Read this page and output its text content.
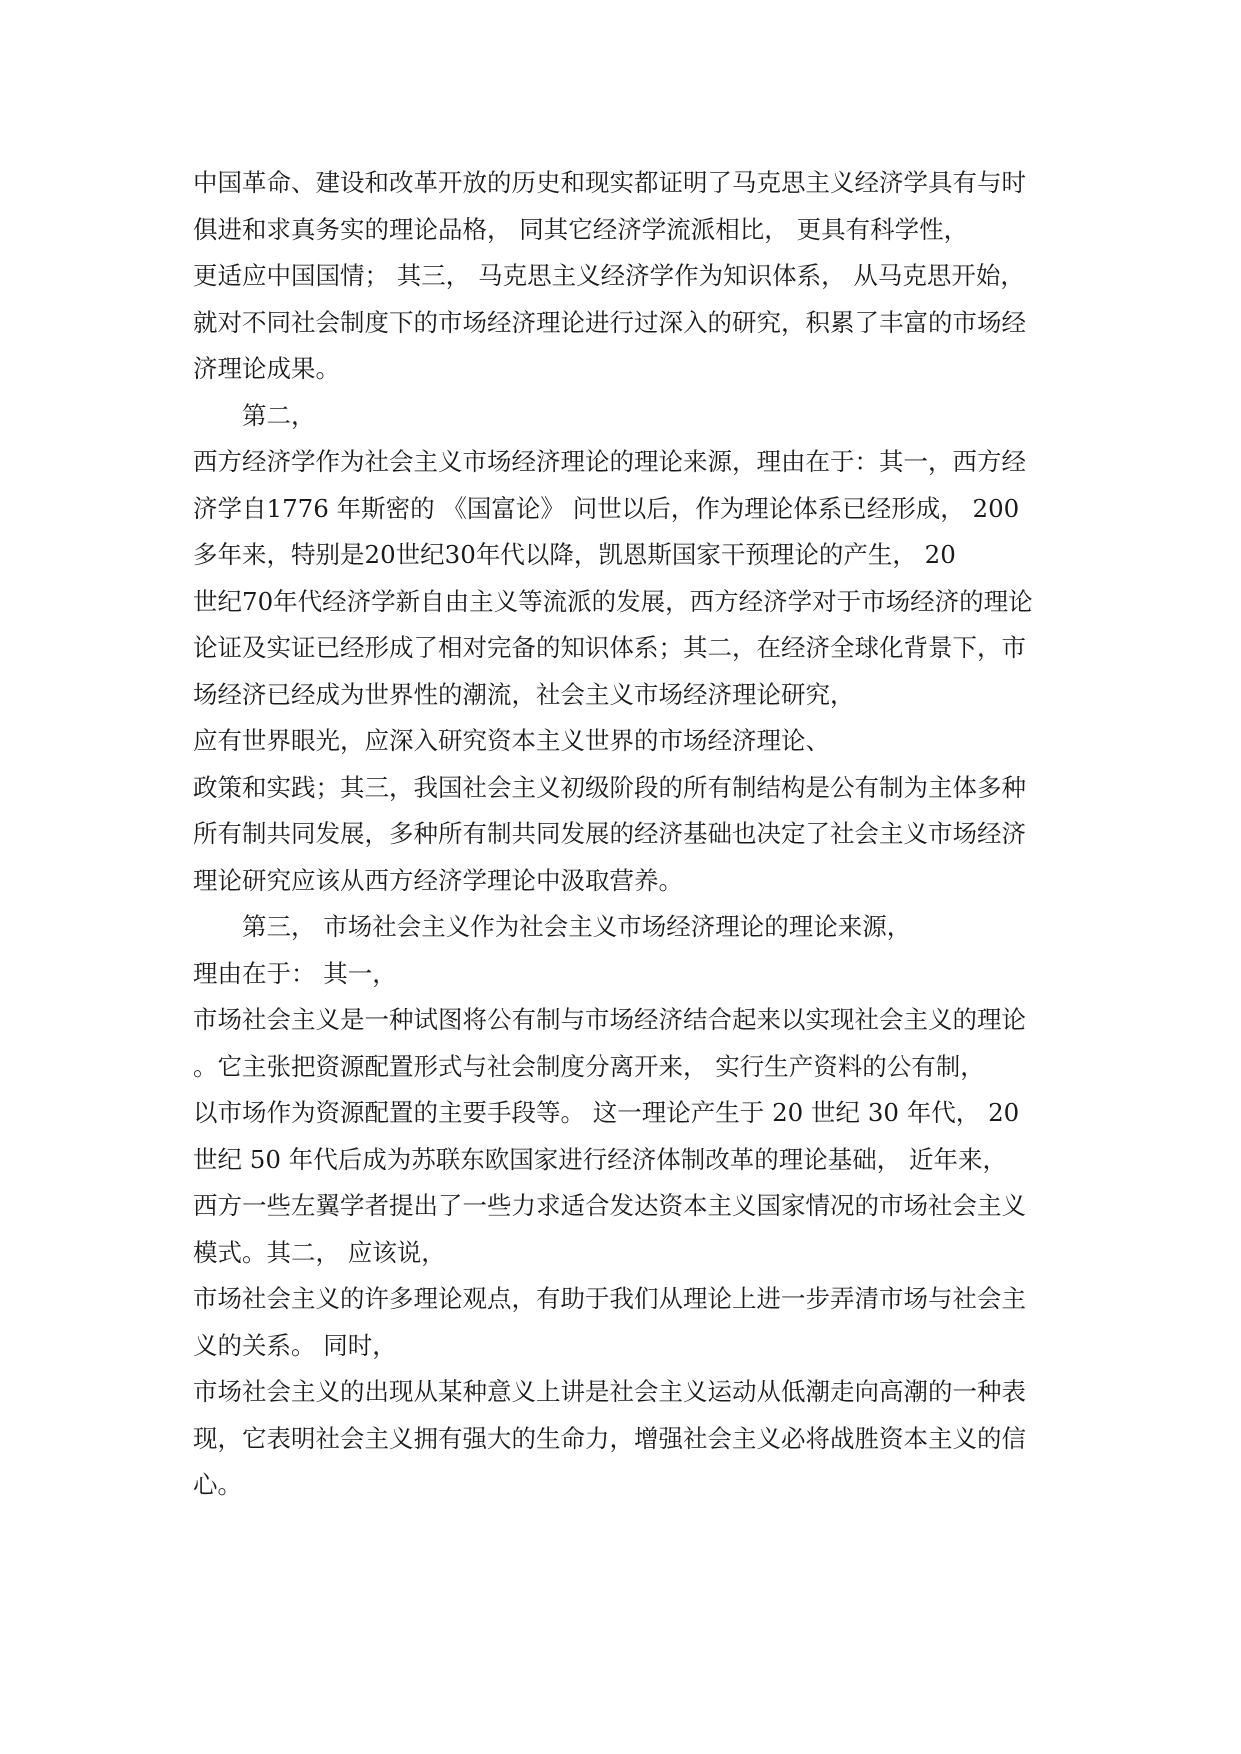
中国革命、建设和改革开放的历史和现实都证明了马克思主义经济学具有与时
俱进和求真务实的理论品格， 同其它经济学流派相比， 更具有科学性，
更适应中国国情； 其三， 马克思主义经济学作为知识体系， 从马克思开始，
就对不同社会制度下的市场经济理论进行过深入的研究，积累了丰富的市场经
济理论成果。
第二，
西方经济学作为社会主义市场经济理论的理论来源，理由在于：其一，西方经
济学自1776 年斯密的 《国富论》 问世以后，作为理论体系已经形成， 200
多年来，特别是20世纪30年代以降，凯恩斯国家干预理论的产生， 20
世纪70年代经济学新自由主义等流派的发展，西方经济学对于市场经济的理论
论证及实证已经形成了相对完备的知识体系；其二，在经济全球化背景下，市
场经济已经成为世界性的潮流，社会主义市场经济理论研究，
应有世界眼光，应深入研究资本主义世界的市场经济理论、
政策和实践；其三，我国社会主义初级阶段的所有制结构是公有制为主体多种
所有制共同发展，多种所有制共同发展的经济基础也决定了社会主义市场经济
理论研究应该从西方经济学理论中汲取营养。
第三， 市场社会主义作为社会主义市场经济理论的理论来源，
理由在于： 其一，
市场社会主义是一种试图将公有制与市场经济结合起来以实现社会主义的理论
。它主张把资源配置形式与社会制度分离开来， 实行生产资料的公有制，
以市场作为资源配置的主要手段等。 这一理论产生于 20 世纪 30 年代， 20
世纪 50 年代后成为苏联东欧国家进行经济体制改革的理论基础， 近年来，
西方一些左翼学者提出了一些力求适合发达资本主义国家情况的市场社会主义
模式。其二， 应该说，
市场社会主义的许多理论观点，有助于我们从理论上进一步弄清市场与社会主
义的关系。 同时，
市场社会主义的出现从某种意义上讲是社会主义运动从低潮走向高潮的一种表
现，它表明社会主义拥有强大的生命力，增强社会主义必将战胜资本主义的信
心。
